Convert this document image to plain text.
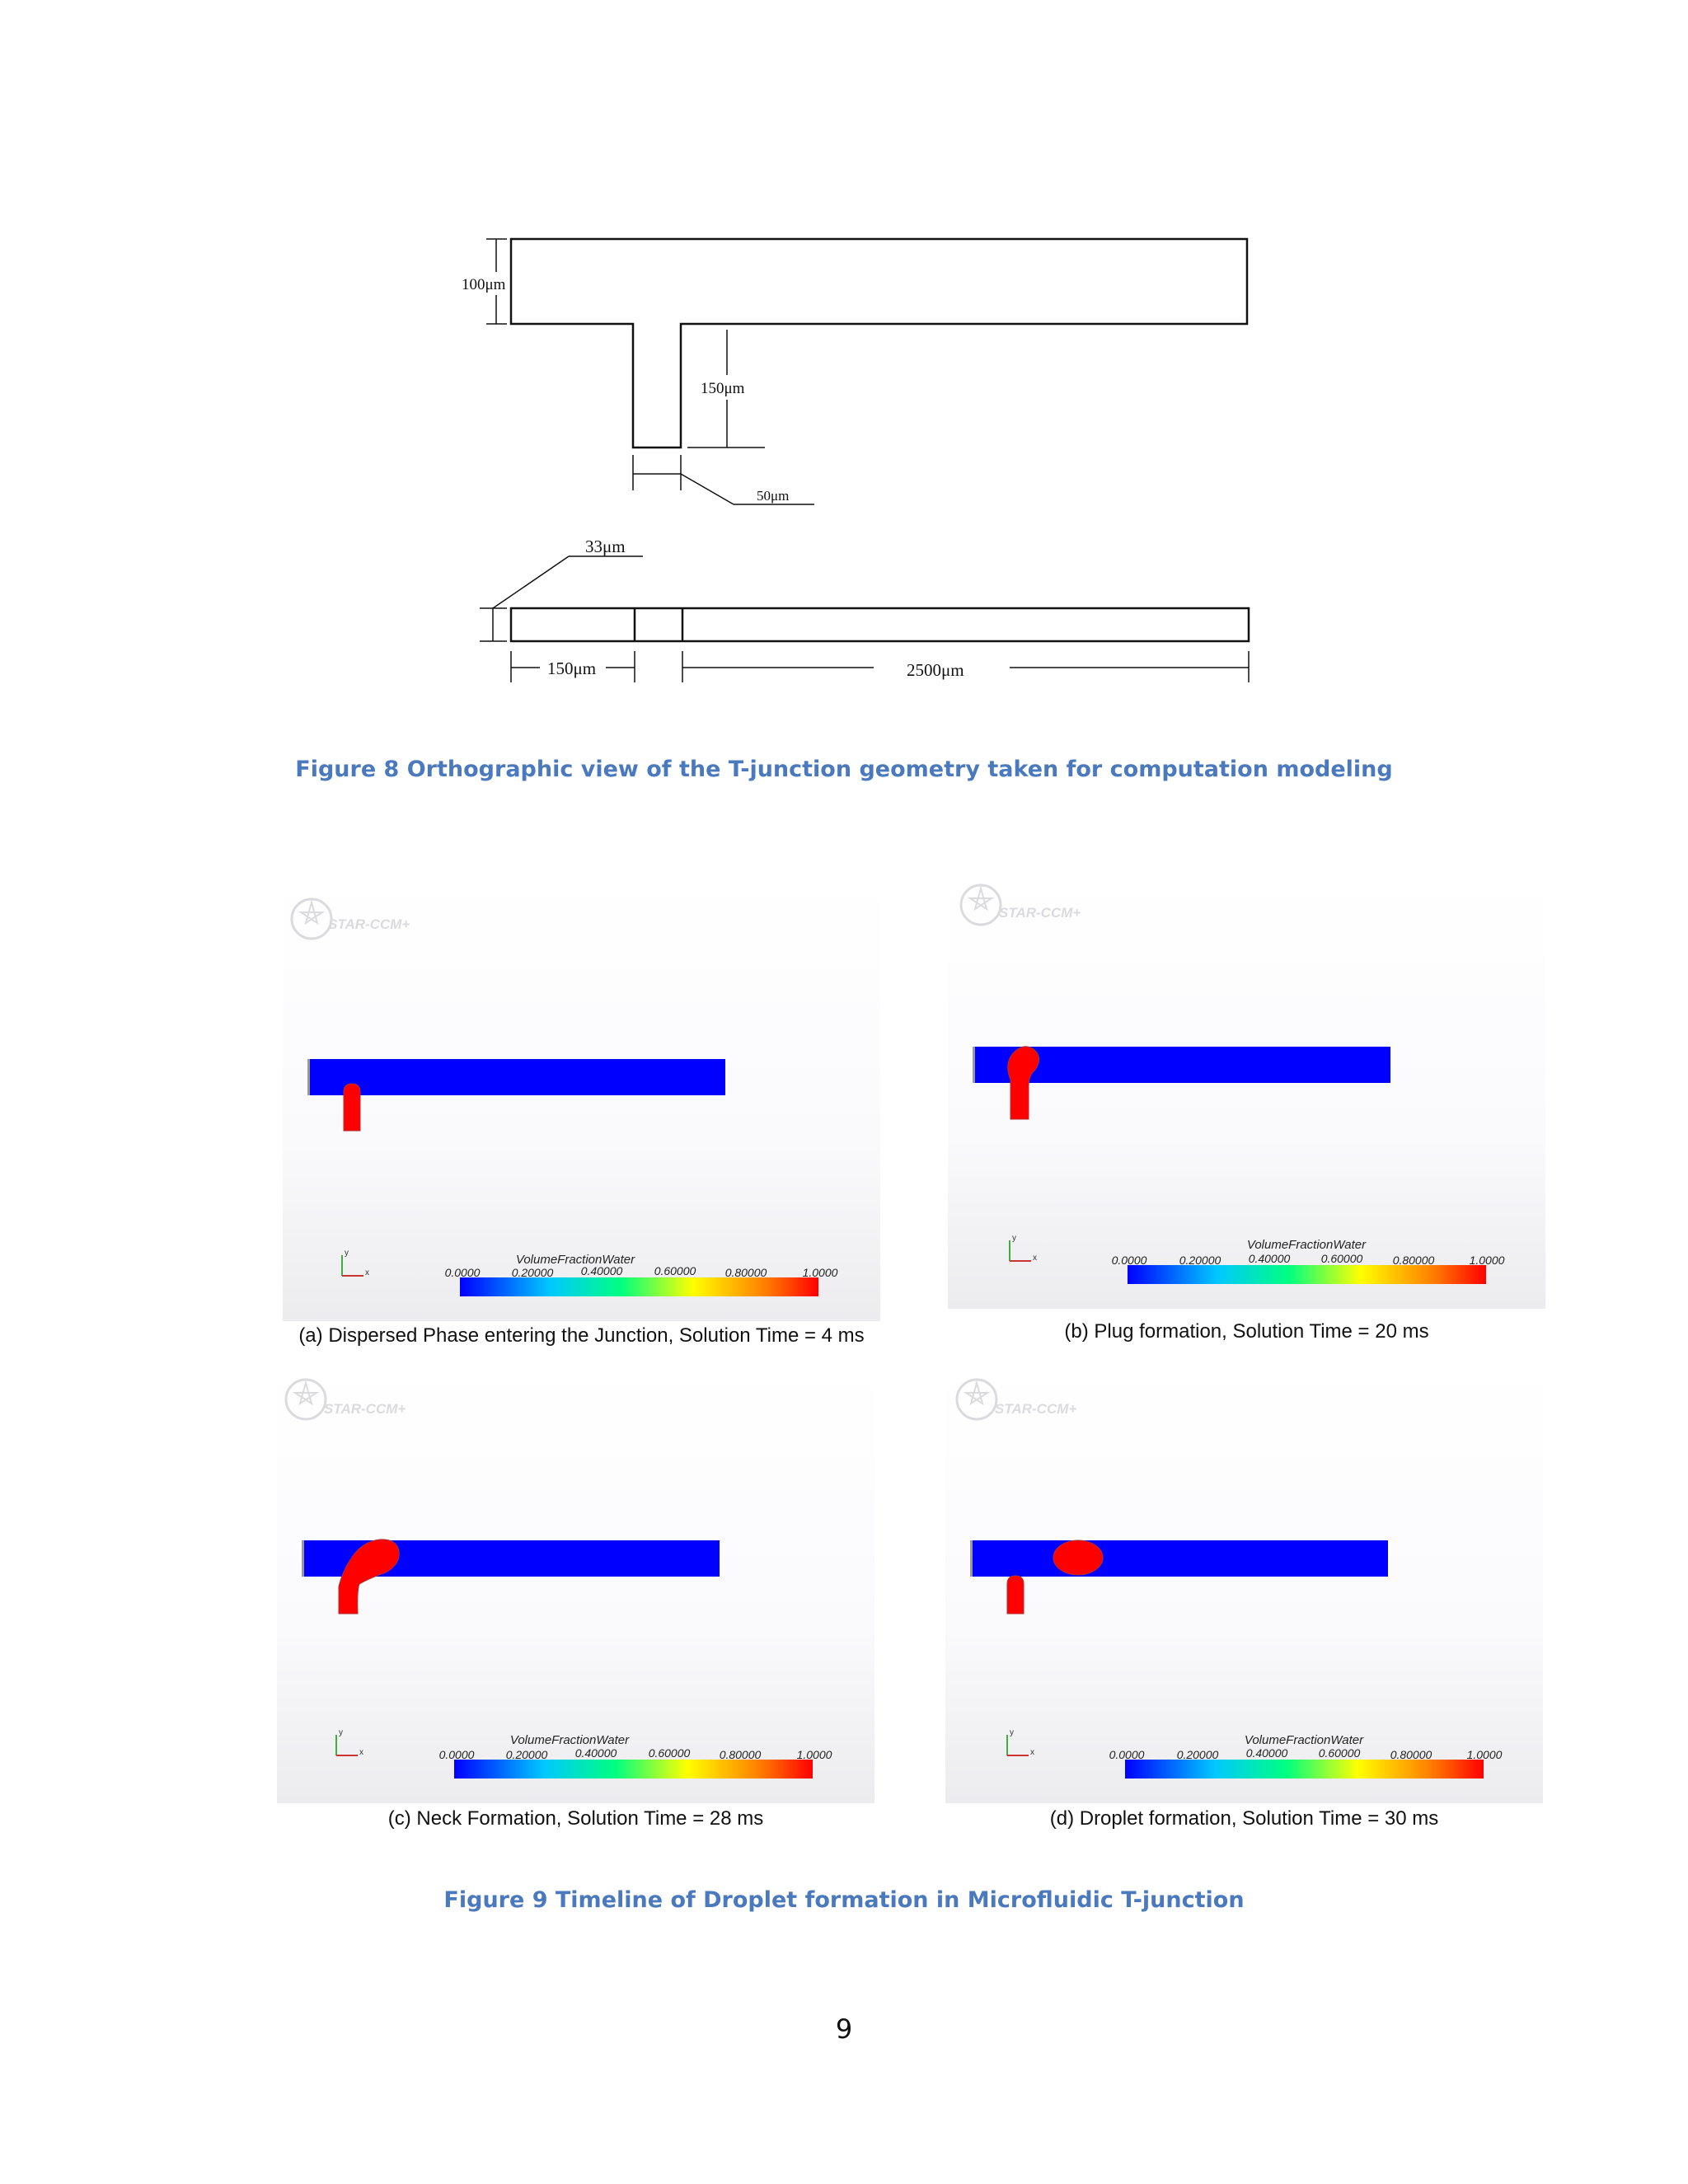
100μm
150μm
50μm
33μm
150μm	2500μm
Figure 8 Orthographic view of the T-junction geometry taken for computation modeling
STAR-CCM+
y
x
VolumeFractionWater
0.0000	0.20000 0.40000	0.60000	0.80000	1.0000
(a) Dispersed Phase entering the Junction, Solution Time = 4 ms
STAR-CCM+
y
x
VolumeFractionWater
0.0000	0.20000 0.40000	0.60000	0.80000	1.0000
(b) Plug formation, Solution Time = 20 ms
STAR-CCM+
y
x
VolumeFractionWater
0.0000	0.20000 0.40000	0.60000	0.80000	1.0000
(c) Neck Formation, Solution Time = 28 ms
STAR-CCM+
y
x
VolumeFractionWater
0.0000	0.20000 0.40000	0.60000	0.80000	1.0000
(d) Droplet formation, Solution Time = 30 ms
Figure 9 Timeline of Droplet formation in Microfluidic T-junction
9
